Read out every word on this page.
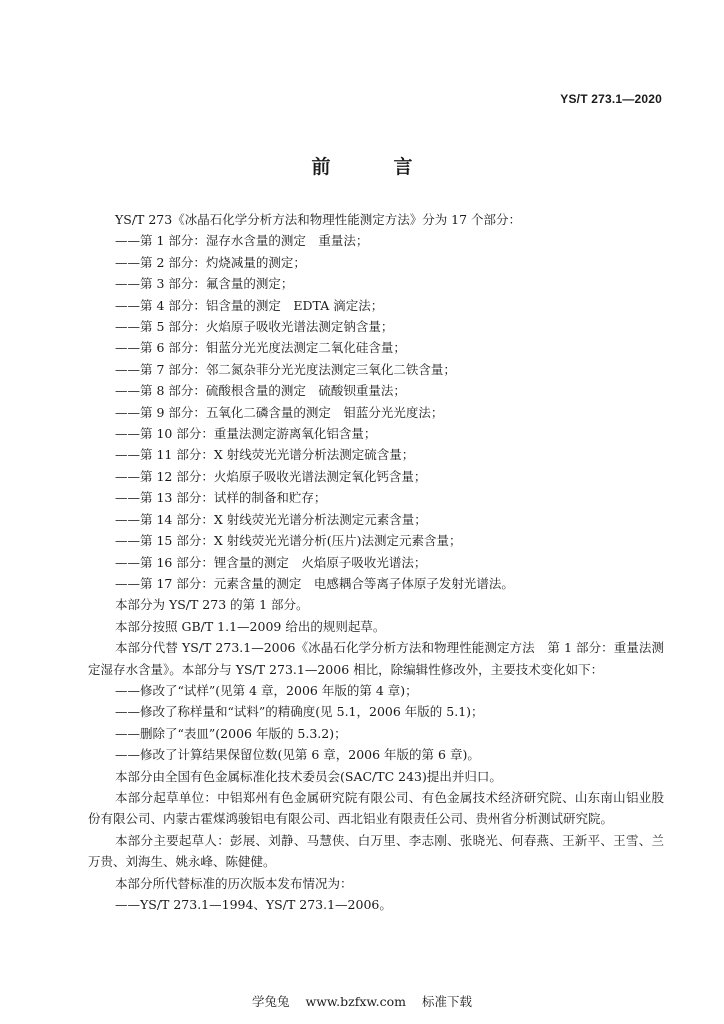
YS/T 273.1—2020
前　言

YS/T 273《冰晶石化学分析方法和物理性能测定方法》分为 17 个部分：

——第 1 部分：湿存水含量的测定　重量法；

——第 2 部分：灼烧减量的测定；

——第 3 部分：氟含量的测定；

——第 4 部分：铝含量的测定　EDTA 滴定法；

——第 5 部分：火焰原子吸收光谱法测定钠含量；

——第 6 部分：钼蓝分光光度法测定二氧化硅含量；

——第 7 部分：邻二氮杂菲分光光度法测定三氧化二铁含量；

——第 8 部分：硫酸根含量的测定　硫酸钡重量法；

——第 9 部分：五氧化二磷含量的测定　钼蓝分光光度法；

——第 10 部分：重量法测定游离氧化铝含量；

——第 11 部分：X 射线荧光光谱分析法测定硫含量；

——第 12 部分：火焰原子吸收光谱法测定氧化钙含量；

——第 13 部分：试样的制备和贮存；

——第 14 部分：X 射线荧光光谱分析法测定元素含量；

——第 15 部分：X 射线荧光光谱分析(压片)法测定元素含量；

——第 16 部分：锂含量的测定　火焰原子吸收光谱法；

——第 17 部分：元素含量的测定　电感耦合等离子体原子发射光谱法。

本部分为 YS/T 273 的第 1 部分。

本部分按照 GB/T 1.1—2009 给出的规则起草。

本部分代替 YS/T 273.1—2006《冰晶石化学分析方法和物理性能测定方法　第 1 部分：重量法测定湿存水含量》。本部分与 YS/T 273.1—2006 相比，除编辑性修改外，主要技术变化如下：

——修改了“试样”(见第 4 章，2006 年版的第 4 章)；

——修改了称样量和“试料”的精确度(见 5.1，2006 年版的 5.1)；

——删除了“表皿”(2006 年版的 5.3.2)；

——修改了计算结果保留位数(见第 6 章，2006 年版的第 6 章)。

本部分由全国有色金属标准化技术委员会(SAC/TC 243)提出并归口。

本部分起草单位：中铝郑州有色金属研究院有限公司、有色金属技术经济研究院、山东南山铝业股份有限公司、内蒙古霍煤鸿骏铝电有限公司、西北铝业有限责任公司、贵州省分析测试研究院。

本部分主要起草人：彭展、刘静、马慧侠、白万里、李志刚、张晓光、何春燕、王新平、王雪、兰万贵、刘海生、姚永峰、陈健健。

本部分所代替标准的历次版本发布情况为：

——YS/T 273.1—1994、YS/T 273.1—2006。

学兔兔 www.bzfxw.com 标准下载
